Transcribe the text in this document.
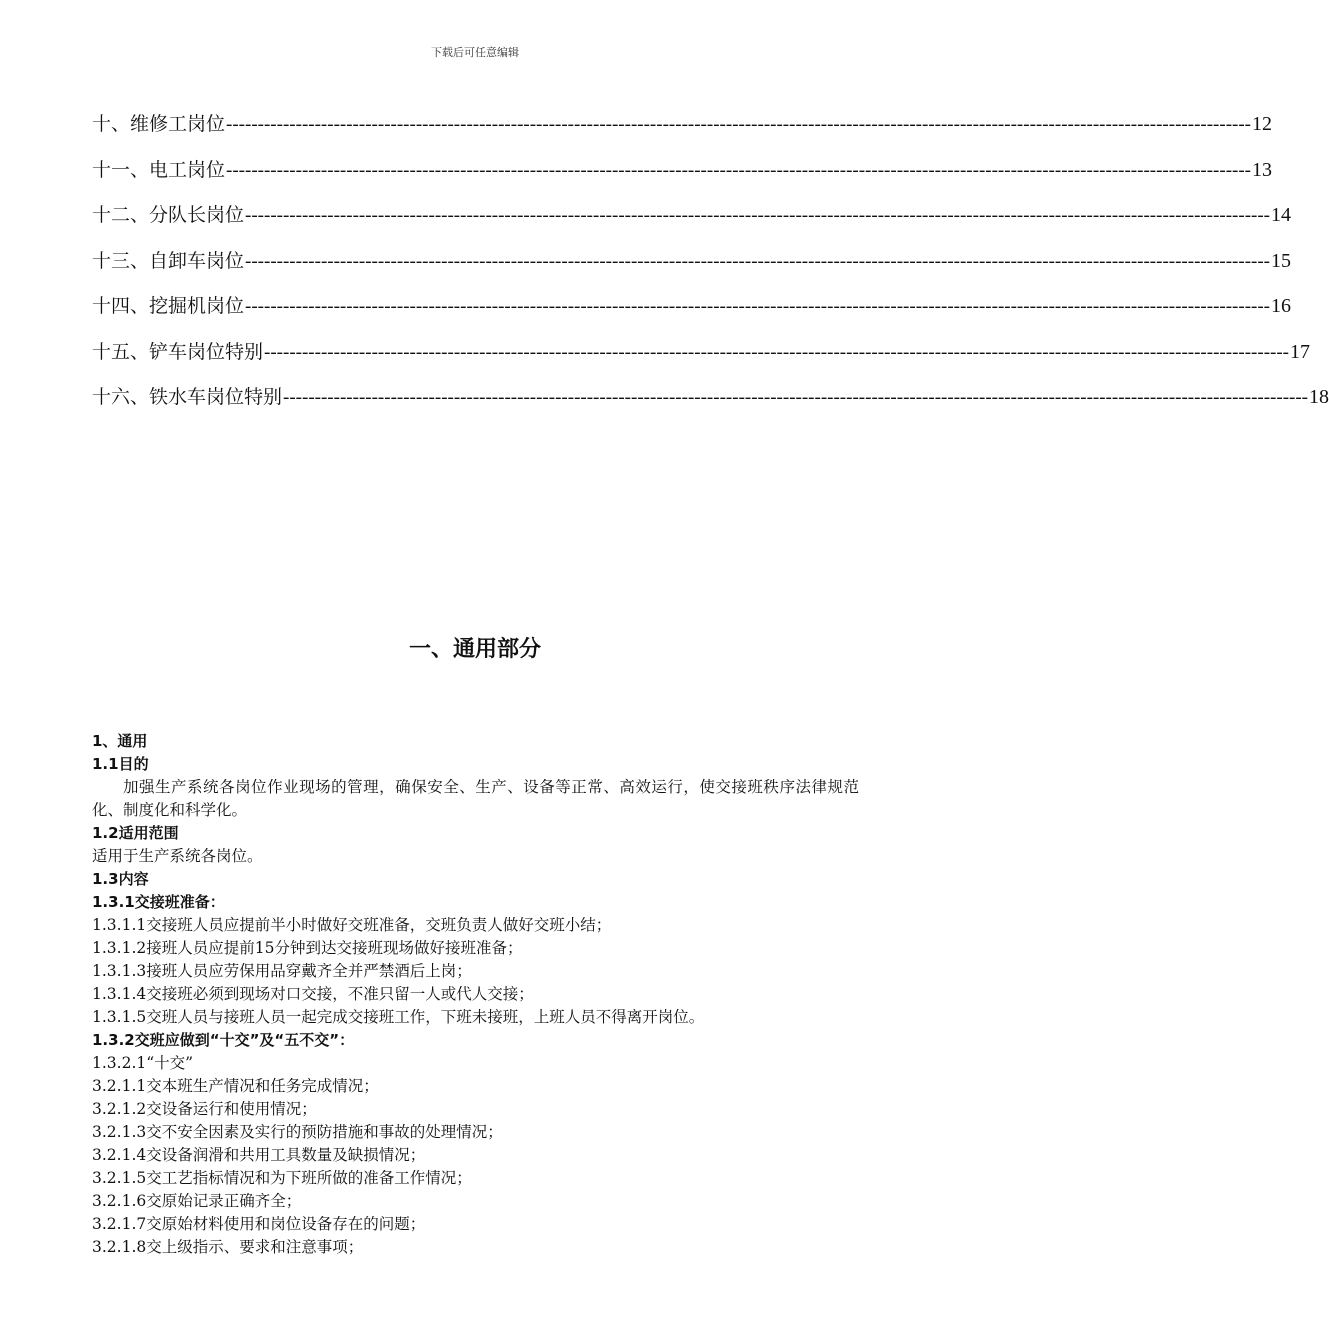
下载后可任意编辑
十、维修工岗位 ------------------------------------------------------------------------------------------------------------------------------------------------------------------ 12
十一、电工岗位 ------------------------------------------------------------------------------------------------------------------------------------------------------------------ 13
十二、分队长岗位 ------------------------------------------------------------------------------------------------------------------------------------------------------------------ 14
十三、自卸车岗位 ------------------------------------------------------------------------------------------------------------------------------------------------------------------ 15
十四、挖掘机岗位 ------------------------------------------------------------------------------------------------------------------------------------------------------------------ 16
十五、铲车岗位特别 ------------------------------------------------------------------------------------------------------------------------------------------------------------------ 17
十六、铁水车岗位特别 ------------------------------------------------------------------------------------------------------------------------------------------------------------------ 18
一、通用部分
1、通用
1.1目的
加强生产系统各岗位作业现场的管理，确保安全、生产、设备等正常、高效运行，使交接班秩序法律规范化、制度化和科学化。
1.2适用范围
适用于生产系统各岗位。
1.3内容
1.3.1交接班准备：
1.3.1.1交接班人员应提前半小时做好交班准备，交班负责人做好交班小结；
1.3.1.2接班人员应提前15分钟到达交接班现场做好接班准备；
1.3.1.3接班人员应劳保用品穿戴齐全并严禁酒后上岗；
1.3.1.4交接班必须到现场对口交接，不准只留一人或代人交接；
1.3.1.5交班人员与接班人员一起完成交接班工作，下班未接班，上班人员不得离开岗位。
1.3.2交班应做到“十交”及“五不交”：
1.3.2.1“十交”
3.2.1.1交本班生产情况和任务完成情况；
3.2.1.2交设备运行和使用情况；
3.2.1.3交不安全因素及实行的预防措施和事故的处理情况；
3.2.1.4交设备润滑和共用工具数量及缺损情况；
3.2.1.5交工艺指标情况和为下班所做的准备工作情况；
3.2.1.6交原始记录正确齐全；
3.2.1.7交原始材料使用和岗位设备存在的问题；
3.2.1.8交上级指示、要求和注意事项；
